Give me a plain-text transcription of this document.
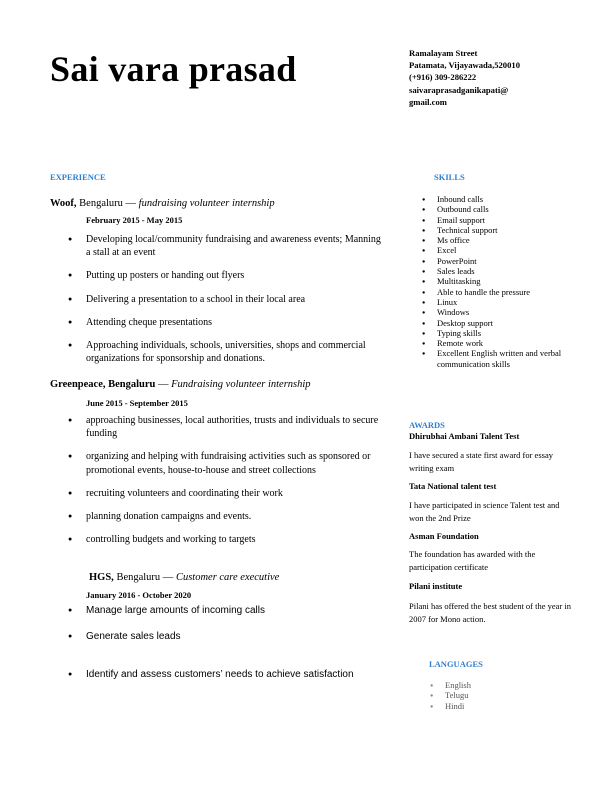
Sai vara prasad	Ramalayam Street
Patamata, Vijayawada,520010
(+916) 309-286222
saivaraprasadganikapati@
gmail.com
EXPERIENCE
Woof, Bengaluru — fundraising volunteer internship
February 2015 - May 2015
● Developing local/community fundraising and awareness events; Manning a stall at an event
● Putting up posters or handing out flyers
● Delivering a presentation to a school in their local area
● Attending cheque presentations
● Approaching individuals, schools, universities, shops and commercial organizations for sponsorship and donations.
Greenpeace, Bengaluru — Fundraising volunteer internship
June 2015 - September 2015
● approaching businesses, local authorities, trusts and individuals to secure funding
● organizing and helping with fundraising activities such as sponsored or promotional events, house-to-house and street collections
● recruiting volunteers and coordinating their work
● planning donation campaigns and events.
● controlling budgets and working to targets
HGS, Bengaluru — Customer care executive
January 2016 - October 2020
● Manage large amounts of incoming calls
● Generate sales leads
● Identify and assess customers’ needs to achieve satisfaction
SKILLS
● Inbound calls
● Outbound calls
● Email support
● Technical support
● Ms office
● Excel
● PowerPoint
● Sales leads
● Multitasking
● Able to handle the pressure
● Linux
● Windows
● Desktop support
● Typing skills
● Remote work
● Excellent English written and verbal communication skills
AWARDS
Dhirubhai Ambani Talent Test
I have secured a state first award for essay writing exam
Tata National talent test
I have participated in science Talent test and won the 2nd Prize
Asman Foundation
The foundation has awarded with the participation certificate
Pilani institute
Pilani has offered the best student of the year in 2007 for Mono action.
LANGUAGES
● English
● Telugu
● Hindi
